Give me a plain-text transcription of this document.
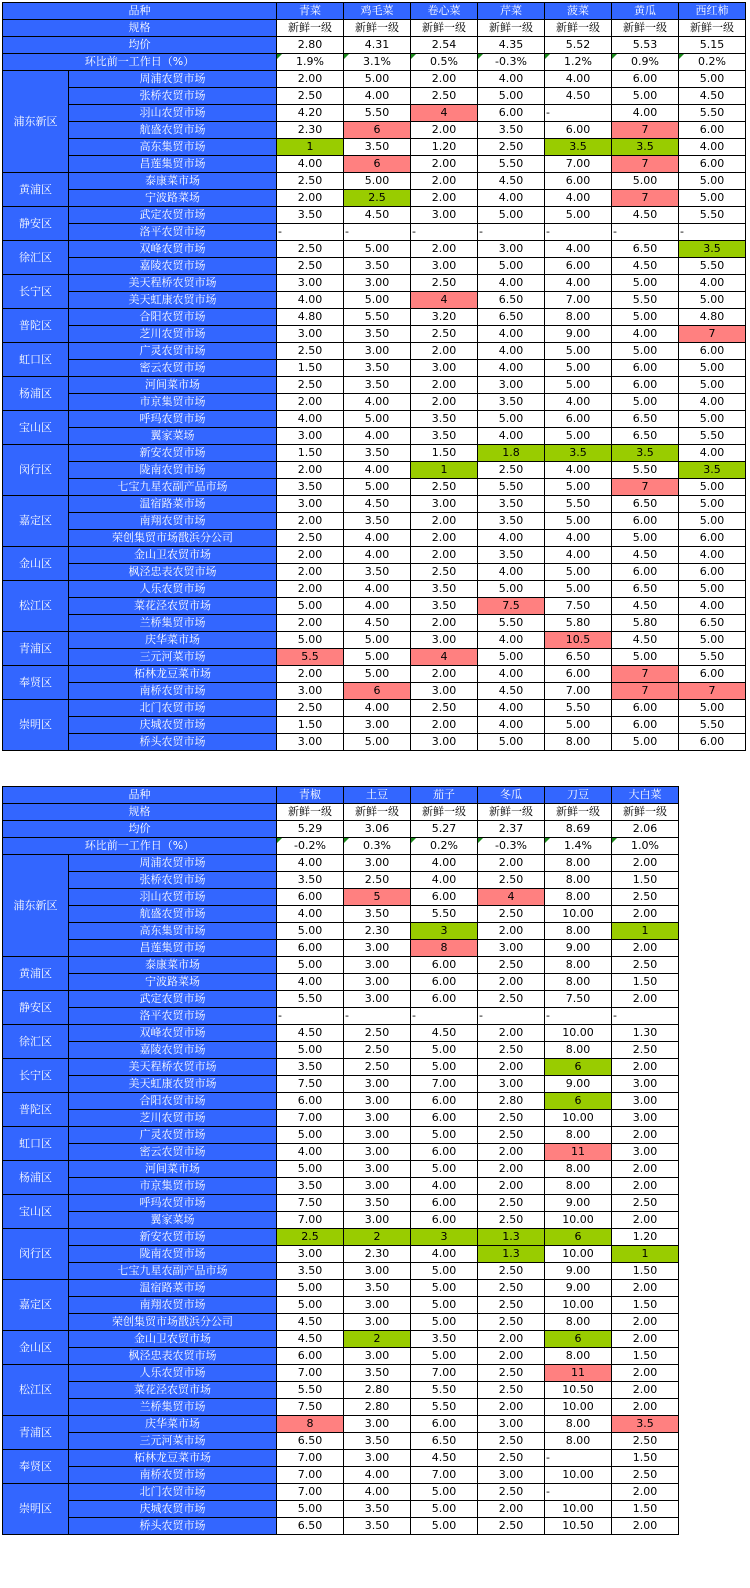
品种		青菜	鸡毛菜	卷心菜	芹菜	菠菜	黄瓜	西红柿
规格		新鲜一级	新鲜一级	新鲜一级	新鲜一级	新鲜一级	新鲜一级	新鲜一级
均价		2.80	4.31	2.54	4.35	5.52	5.53	5.15
环比前一工作日（%）		1.9%	3.1%	0.5%	-0.3%	1.2%	0.9%	0.2%
浦东新区	周浦农贸市场	2.00	5.00	2.00	4.00	4.00	6.00	5.00
	张桥农贸市场	2.50	4.00	2.50	5.00	4.50	5.00	4.50
	羽山农贸市场	4.20	5.50	4	6.00	-	4.00	5.50
	航盛农贸市场	2.30	6	2.00	3.50	6.00	7	6.00
	高东集贸市场	1	3.50	1.20	2.50	3.5	3.5	4.00
	昌莲集贸市场	4.00	6	2.00	5.50	7.00	7	6.00
黄浦区	泰康菜市场	2.50	5.00	2.00	4.50	6.00	5.00	5.00
	宁波路菜场	2.00	2.5	2.00	4.00	4.00	7	5.00
静安区	武定农贸市场	3.50	4.50	3.00	5.00	5.00	4.50	5.50
	洛平农贸市场	-	-	-	-	-	-	-
徐汇区	双峰农贸市场	2.50	5.00	2.00	3.00	4.00	6.50	3.5
	嘉陵农贸市场	2.50	3.50	3.00	5.00	6.00	4.50	5.50
长宁区	美天程桥农贸市场	3.00	3.00	2.50	4.00	4.00	5.00	4.00
	美天虹康农贸市场	4.00	5.00	4	6.50	7.00	5.50	5.00
普陀区	合阳农贸市场	4.80	5.50	3.20	6.50	8.00	5.00	4.80
	芝川农贸市场	3.00	3.50	2.50	4.00	9.00	4.00	7
虹口区	广灵农贸市场	2.50	3.00	2.00	4.00	5.00	5.00	6.00
	密云农贸市场	1.50	3.50	3.00	4.00	5.00	6.00	5.00
杨浦区	河间菜市场	2.50	3.50	2.00	3.00	5.00	6.00	5.00
	市京集贸市场	2.00	4.00	2.00	3.50	4.00	5.00	4.00
宝山区	呼玛农贸市场	4.00	5.00	3.50	5.00	6.00	6.50	5.00
	翼家菜场	3.00	4.00	3.50	4.00	5.00	6.50	5.50
闵行区	新安农贸市场	1.50	3.50	1.50	1.8	3.5	3.5	4.00
	陇南农贸市场	2.00	4.00	1	2.50	4.00	5.50	3.5
	七宝九星农副产品市场	3.50	5.00	2.50	5.50	5.00	7	5.00
嘉定区	温宿路菜市场	3.00	4.50	3.00	3.50	5.50	6.50	5.00
	南翔农贸市场	2.00	3.50	2.00	3.50	5.00	6.00	5.00
	荣创集贸市场戬浜分公司	2.50	4.00	2.00	4.00	4.00	5.00	6.00
金山区	金山卫农贸市场	2.00	4.00	2.00	3.50	4.00	4.50	4.00
	枫泾忠表农贸市场	2.00	3.50	2.50	4.00	5.00	6.00	6.00
松江区	人乐农贸市场	2.00	4.00	3.50	5.00	5.00	6.50	5.00
	菜花泾农贸市场	5.00	4.00	3.50	7.5	7.50	4.50	4.00
	兰桥集贸市场	2.00	4.50	2.00	5.50	5.80	5.80	6.50
青浦区	庆华菜市场	5.00	5.00	3.00	4.00	10.5	4.50	5.00
	三元河菜市场	5.5	5.00	4	5.00	6.50	5.00	5.50
奉贤区	柘林龙豆菜市场	2.00	5.00	2.00	4.00	6.00	7	6.00
	南桥农贸市场	3.00	6	3.00	4.50	7.00	7	7
崇明区	北门农贸市场	2.50	4.00	2.50	4.00	5.50	6.00	5.00
	庆城农贸市场	1.50	3.00	2.00	4.00	5.00	6.00	5.50
	桥头农贸市场	3.00	5.00	3.00	5.00	8.00	5.00	6.00
品种		青椒	土豆	茄子	冬瓜	刀豆	大白菜	
规格		新鲜一级	新鲜一级	新鲜一级	新鲜一级	新鲜一级	新鲜一级	
均价		5.29	3.06	5.27	2.37	8.69	2.06	
环比前一工作日（%）		-0.2%	0.3%	0.2%	-0.3%	1.4%	1.0%	
浦东新区	周浦农贸市场	4.00	3.00	4.00	2.00	8.00	2.00	
	张桥农贸市场	3.50	2.50	4.00	2.50	8.00	1.50	
	羽山农贸市场	6.00	5	6.00	4	8.00	2.50	
	航盛农贸市场	4.00	3.50	5.50	2.50	10.00	2.00	
	高东集贸市场	5.00	2.30	3	2.00	8.00	1	
	昌莲集贸市场	6.00	3.00	8	3.00	9.00	2.00	
黄浦区	泰康菜市场	5.00	3.00	6.00	2.50	8.00	2.50	
	宁波路菜场	4.00	3.00	6.00	2.00	8.00	1.50	
静安区	武定农贸市场	5.50	3.00	6.00	2.50	7.50	2.00	
	洛平农贸市场	-	-	-	-	-	-	
徐汇区	双峰农贸市场	4.50	2.50	4.50	2.00	10.00	1.30	
	嘉陵农贸市场	5.00	2.50	5.00	2.50	8.00	2.50	
长宁区	美天程桥农贸市场	3.50	2.50	5.00	2.00	6	2.00	
	美天虹康农贸市场	7.50	3.00	7.00	3.00	9.00	3.00	
普陀区	合阳农贸市场	6.00	3.00	6.00	2.80	6	3.00	
	芝川农贸市场	7.00	3.00	6.00	2.50	10.00	3.00	
虹口区	广灵农贸市场	5.00	3.00	5.00	2.50	8.00	2.00	
	密云农贸市场	4.00	3.00	6.00	2.00	11	3.00	
杨浦区	河间菜市场	5.00	3.00	5.00	2.00	8.00	2.00	
	市京集贸市场	3.50	3.00	4.00	2.00	8.00	2.00	
宝山区	呼玛农贸市场	7.50	3.50	6.00	2.50	9.00	2.50	
	翼家菜场	7.00	3.00	6.00	2.50	10.00	2.00	
闵行区	新安农贸市场	2.5	2	3	1.3	6	1.20	
	陇南农贸市场	3.00	2.30	4.00	1.3	10.00	1	
	七宝九星农副产品市场	3.50	3.00	5.00	2.50	9.00	1.50	
嘉定区	温宿路菜市场	5.00	3.50	5.00	2.50	9.00	2.00	
	南翔农贸市场	5.00	3.00	5.00	2.50	10.00	1.50	
	荣创集贸市场戬浜分公司	4.50	3.00	5.00	2.50	8.00	2.00	
金山区	金山卫农贸市场	4.50	2	3.50	2.00	6	2.00	
	枫泾忠表农贸市场	6.00	3.00	5.00	2.00	8.00	1.50	
松江区	人乐农贸市场	7.00	3.50	7.00	2.50	11	2.00	
	菜花泾农贸市场	5.50	2.80	5.50	2.50	10.50	2.00	
	兰桥集贸市场	7.50	2.80	5.50	2.00	10.00	2.00	
青浦区	庆华菜市场	8	3.00	6.00	3.00	8.00	3.5	
	三元河菜市场	6.50	3.50	6.50	2.50	8.00	2.50	
奉贤区	柘林龙豆菜市场	7.00	3.00	4.50	2.50	-	1.50	
	南桥农贸市场	7.00	4.00	7.00	3.00	10.00	2.50	
崇明区	北门农贸市场	7.00	4.00	5.00	2.50	-	2.00	
	庆城农贸市场	5.00	3.50	5.00	2.00	10.00	1.50	
	桥头农贸市场	6.50	3.50	5.00	2.50	10.50	2.00	
